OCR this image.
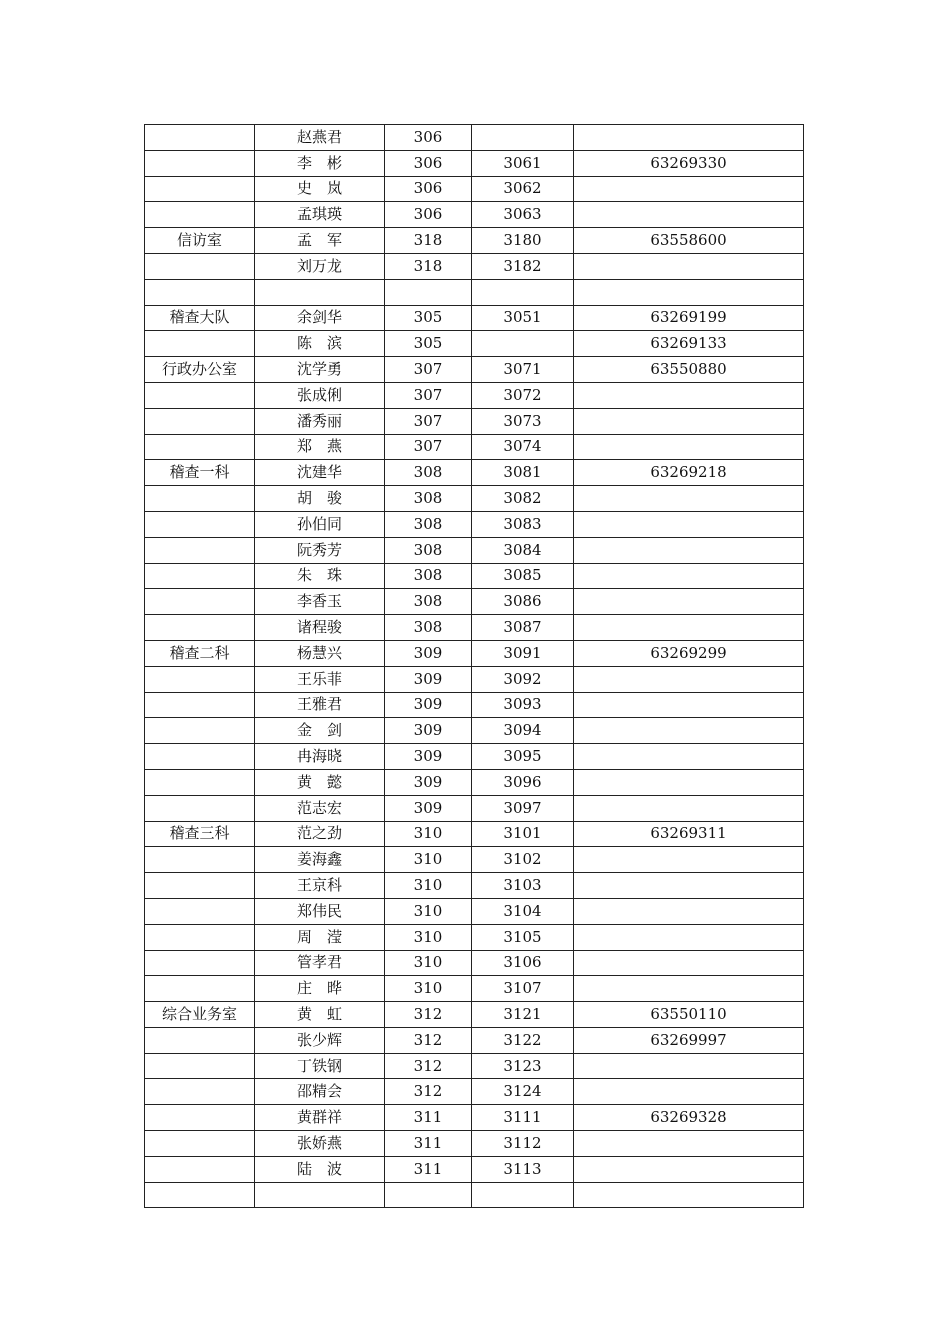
	赵燕君	306		
	李　彬	306	3061	63269330
	史　岚	306	3062	
	孟琪瑛	306	3063	
信访室	孟　军	318	3180	63558600
	刘万龙	318	3182	

稽查大队	余剑华	305	3051	63269199
	陈　滨	305		63269133
行政办公室	沈学勇	307	3071	63550880
	张成俐	307	3072	
	潘秀丽	307	3073	
	郑　燕	307	3074	
稽查一科	沈建华	308	3081	63269218
	胡　骏	308	3082	
	孙伯同	308	3083	
	阮秀芳	308	3084	
	朱　珠	308	3085	
	李香玉	308	3086	
	诸程骏	308	3087	
稽查二科	杨慧兴	309	3091	63269299
	王乐菲	309	3092	
	王雅君	309	3093	
	金　剑	309	3094	
	冉海晓	309	3095	
	黄　懿	309	3096	
	范志宏	309	3097	
稽查三科	范之劲	310	3101	63269311
	姜海鑫	310	3102	
	王京科	310	3103	
	郑伟民	310	3104	
	周　滢	310	3105	
	管孝君	310	3106	
	庄　晔	310	3107	
综合业务室	黄　虹	312	3121	63550110
	张少辉	312	3122	63269997
	丁铁钢	312	3123	
	邵精会	312	3124	
	黄群祥	311	3111	63269328
	张娇燕	311	3112	
	陆　波	311	3113	
